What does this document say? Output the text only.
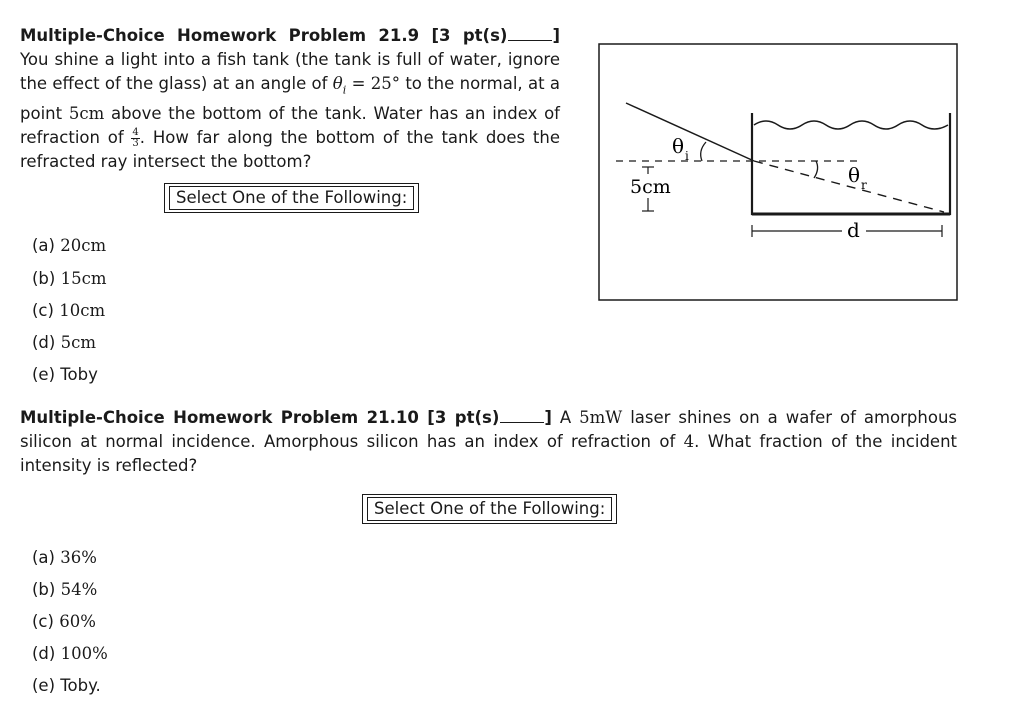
Multiple-Choice Homework Problem 21.9 [3 pt(s)	] You shine a light into a fish tank (the tank is full of water, ignore the effect of the glass) at an angle of $\theta_i = 25^\circ$ to the normal, at a point 5cm above the bottom of the tank. Water has an index of refraction of $\frac{4}{3}$ . How far along the bottom of the tank does the refracted ray intersect the bottom?
Select One of the Following:
(a) 20cm
(b) 15cm
(c) 10cm
(d) 5cm
(e) Toby
θ i
5cm	θ r
d
Multiple-Choice Homework Problem 21.10 [3 pt(s)	] A 5mW laser shines on a wafer of amorphous silicon at normal incidence. Amorphous silicon has an index of refraction of 4. What fraction of the incident intensity is reflected?
Select One of the Following:
(a) 36%
(b) 54%
(c) 60%
(d) 100%
(e) Toby.
